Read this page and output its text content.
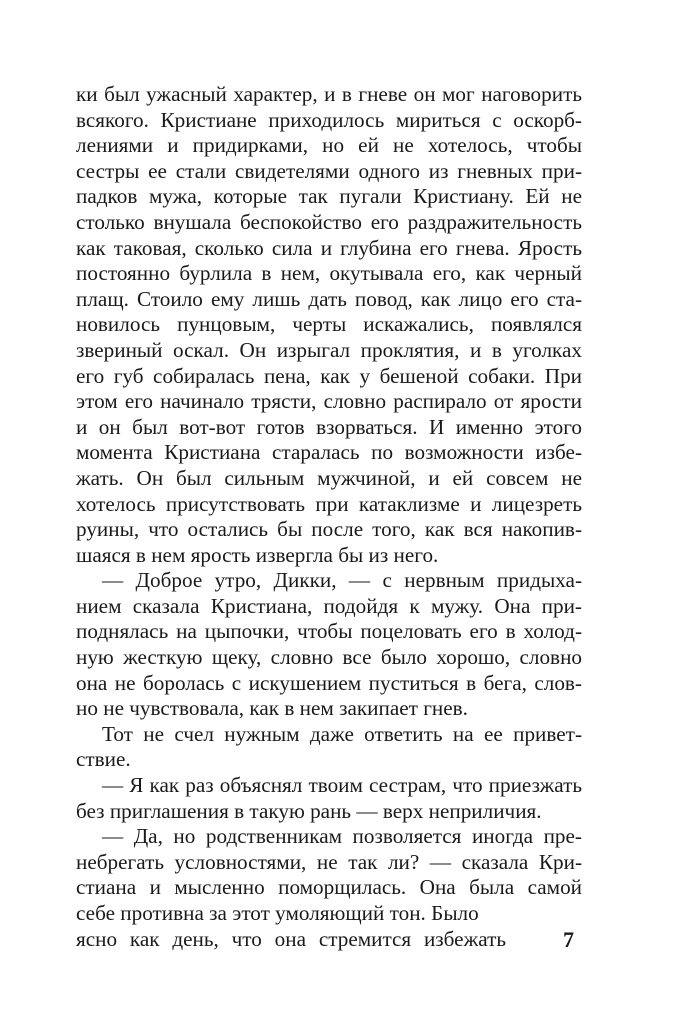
ки был ужасный характер, и в гневе он мог наговорить
всякого. Кристиане приходилось мириться с оскорб-
лениями и придирками, но ей не хотелось, чтобы
сестры ее стали свидетелями одного из гневных при-
падков мужа, которые так пугали Кристиану. Ей не
столько внушала беспокойство его раздражительность
как таковая, сколько сила и глубина его гнева. Ярость
постоянно бурлила в нем, окутывала его, как черный
плащ. Стоило ему лишь дать повод, как лицо его ста-
новилось пунцовым, черты искажались, появлялся
звериный оскал. Он изрыгал проклятия, и в уголках
его губ собиралась пена, как у бешеной собаки. При
этом его начинало трясти, словно распирало от ярости
и он был вот-вот готов взорваться. И именно этого
момента Кристиана старалась по возможности избе-
жать. Он был сильным мужчиной, и ей совсем не
хотелось присутствовать при катаклизме и лицезреть
руины, что остались бы после того, как вся накопив-
шаяся в нем ярость извергла бы из него.
— Доброе утро, Дикки, — с нервным придыха-
нием сказала Кристиана, подойдя к мужу. Она при-
поднялась на цыпочки, чтобы поцеловать его в холод-
ную жесткую щеку, словно все было хорошо, словно
она не боролась с искушением пуститься в бега, слов-
но не чувствовала, как в нем закипает гнев.
Тот не счел нужным даже ответить на ее привет-
ствие.
— Я как раз объяснял твоим сестрам, что приезжать
без приглашения в такую рань — верх неприличия.
— Да, но родственникам позволяется иногда пре-
небрегать условностями, не так ли? — сказала Кри-
стиана и мысленно поморщилась. Она была самой
себе противна за этот умоляющий тон. Было
ясно как день, что она стремится избежать	7
